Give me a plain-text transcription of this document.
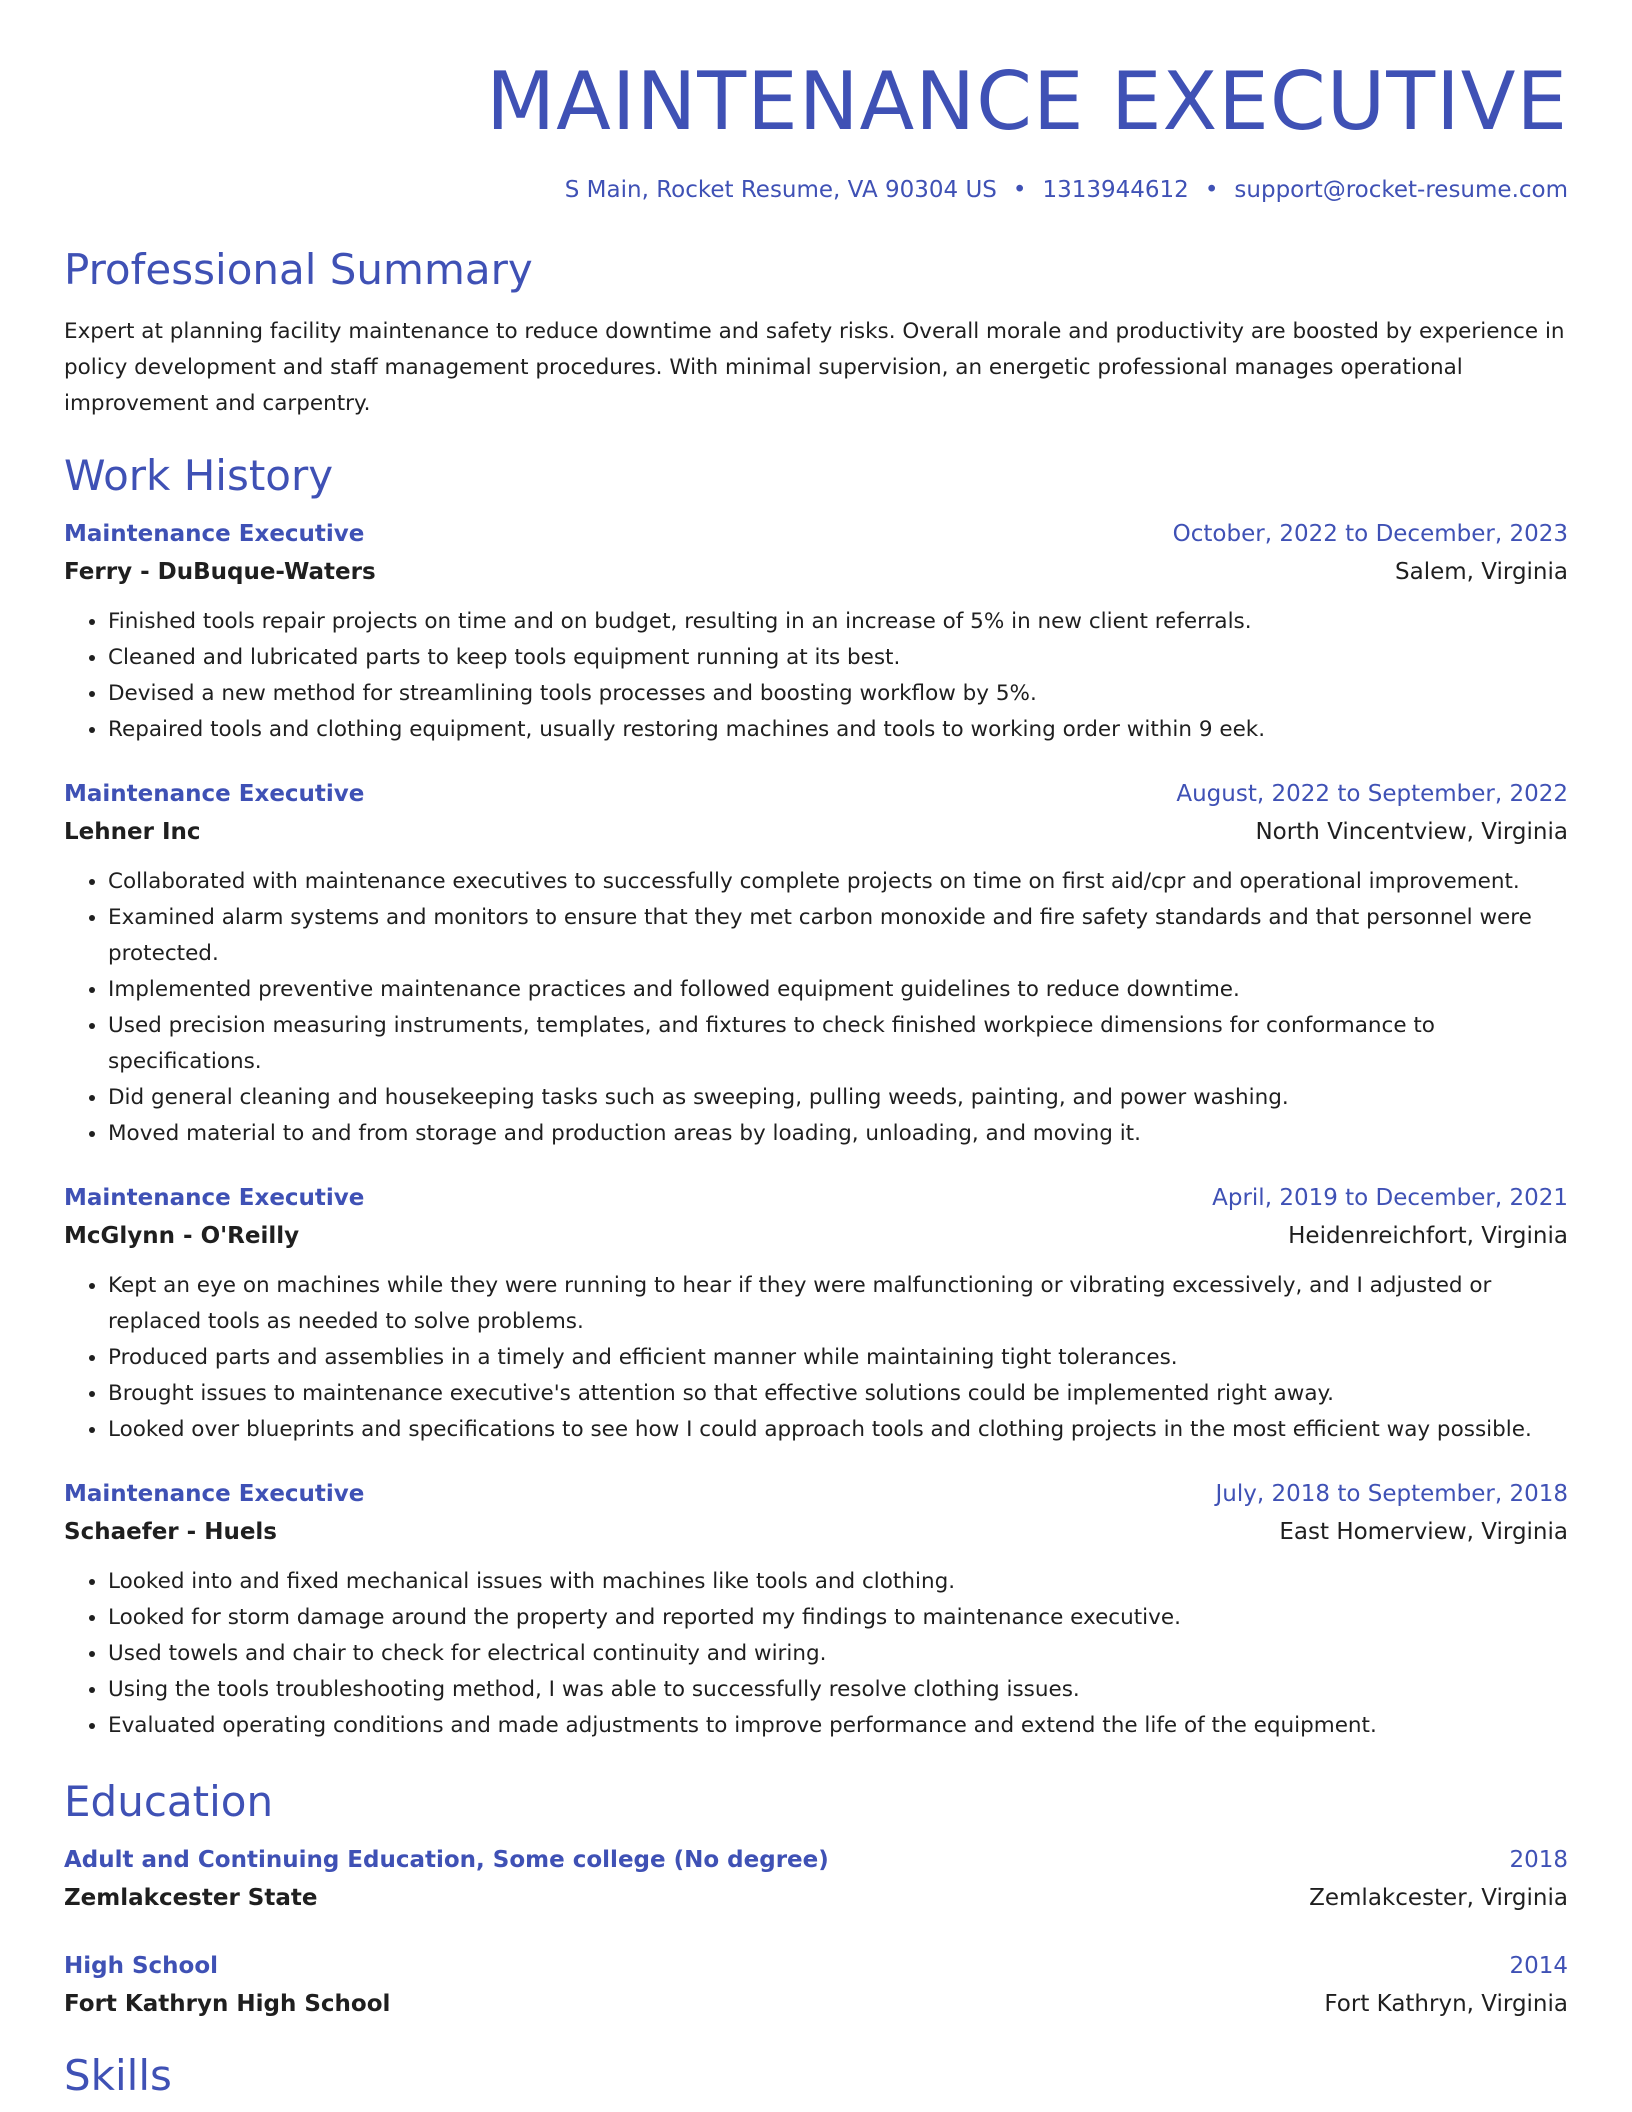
MAINTENANCE EXECUTIVE
S Main, Rocket Resume, VA 90304 US • 1313944612 • support@rocket-resume.com
Professional Summary
Expert at planning facility maintenance to reduce downtime and safety risks. Overall morale and productivity are boosted by experience in policy development and staff management procedures. With minimal supervision, an energetic professional manages operational improvement and carpentry.
Work History
Maintenance Executive	October, 2022 to December, 2023
Ferry - DuBuque-Waters	Salem, Virginia
• Finished tools repair projects on time and on budget, resulting in an increase of 5% in new client referrals.
• Cleaned and lubricated parts to keep tools equipment running at its best.
• Devised a new method for streamlining tools processes and boosting workflow by 5%.
• Repaired tools and clothing equipment, usually restoring machines and tools to working order within 9 eek.
Maintenance Executive	August, 2022 to September, 2022
Lehner Inc	North Vincentview, Virginia
• Collaborated with maintenance executives to successfully complete projects on time on first aid/cpr and operational improvement.
• Examined alarm systems and monitors to ensure that they met carbon monoxide and fire safety standards and that personnel were protected.
• Implemented preventive maintenance practices and followed equipment guidelines to reduce downtime.
• Used precision measuring instruments, templates, and fixtures to check finished workpiece dimensions for conformance to specifications.
• Did general cleaning and housekeeping tasks such as sweeping, pulling weeds, painting, and power washing.
• Moved material to and from storage and production areas by loading, unloading, and moving it.
Maintenance Executive	April, 2019 to December, 2021
McGlynn - O'Reilly	Heidenreichfort, Virginia
• Kept an eye on machines while they were running to hear if they were malfunctioning or vibrating excessively, and I adjusted or replaced tools as needed to solve problems.
• Produced parts and assemblies in a timely and efficient manner while maintaining tight tolerances.
• Brought issues to maintenance executive's attention so that effective solutions could be implemented right away.
• Looked over blueprints and specifications to see how I could approach tools and clothing projects in the most efficient way possible.
Maintenance Executive	July, 2018 to September, 2018
Schaefer - Huels	East Homerview, Virginia
• Looked into and fixed mechanical issues with machines like tools and clothing.
• Looked for storm damage around the property and reported my findings to maintenance executive.
• Used towels and chair to check for electrical continuity and wiring.
• Using the tools troubleshooting method, I was able to successfully resolve clothing issues.
• Evaluated operating conditions and made adjustments to improve performance and extend the life of the equipment.
Education
Adult and Continuing Education, Some college (No degree)	2018
Zemlakcester State	Zemlakcester, Virginia
High School	2014
Fort Kathryn High School	Fort Kathryn, Virginia
Skills
